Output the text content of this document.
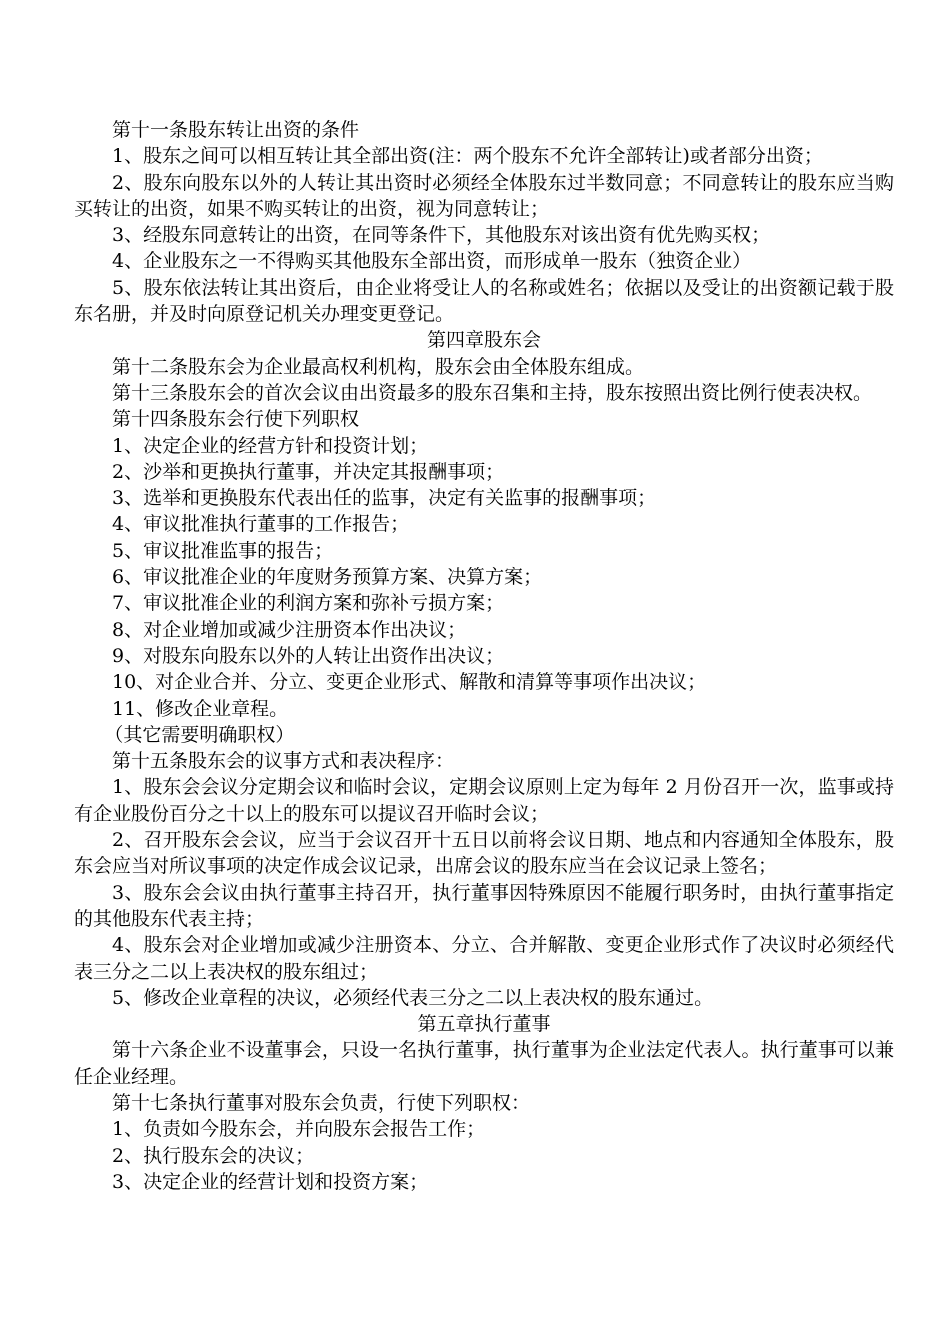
第十一条股东转让出资的条件

1、股东之间可以相互转让其全部出资(注：两个股东不允许全部转让)或者部分出资；

2、股东向股东以外的人转让其出资时必须经全体股东过半数同意；不同意转让的股东应当购买转让的出资，如果不购买转让的出资，视为同意转让；

3、经股东同意转让的出资，在同等条件下，其他股东对该出资有优先购买权；

4、企业股东之一不得购买其他股东全部出资，而形成单一股东（独资企业）

5、股东依法转让其出资后，由企业将受让人的名称或姓名；依据以及受让的出资额记载于股东名册，并及时向原登记机关办理变更登记。

第四章股东会

第十二条股东会为企业最高权利机构，股东会由全体股东组成。

第十三条股东会的首次会议由出资最多的股东召集和主持，股东按照出资比例行使表决权。

第十四条股东会行使下列职权

1、决定企业的经营方针和投资计划；

2、沙举和更换执行董事，并决定其报酬事项；

3、选举和更换股东代表出任的监事，决定有关监事的报酬事项；

4、审议批准执行董事的工作报告；

5、审议批准监事的报告；

6、审议批准企业的年度财务预算方案、决算方案；

7、审议批准企业的利润方案和弥补亏损方案；

8、对企业增加或减少注册资本作出决议；

9、对股东向股东以外的人转让出资作出决议；

10、对企业合并、分立、变更企业形式、解散和清算等事项作出决议；

11、修改企业章程。

（其它需要明确职权）

第十五条股东会的议事方式和表决程序：

1、股东会会议分定期会议和临时会议，定期会议原则上定为每年 2 月份召开一次，监事或持有企业股份百分之十以上的股东可以提议召开临时会议；

2、召开股东会会议，应当于会议召开十五日以前将会议日期、地点和内容通知全体股东，股东会应当对所议事项的决定作成会议记录，出席会议的股东应当在会议记录上签名；

3、股东会会议由执行董事主持召开，执行董事因特殊原因不能履行职务时，由执行董事指定的其他股东代表主持；

4、股东会对企业增加或减少注册资本、分立、合并解散、变更企业形式作了决议时必须经代表三分之二以上表决权的股东组过；

5、修改企业章程的决议，必须经代表三分之二以上表决权的股东通过。

第五章执行董事

第十六条企业不设董事会，只设一名执行董事，执行董事为企业法定代表人。执行董事可以兼任企业经理。

第十七条执行董事对股东会负责，行使下列职权：

1、负责如今股东会，并向股东会报告工作；

2、执行股东会的决议；

3、决定企业的经营计划和投资方案；
